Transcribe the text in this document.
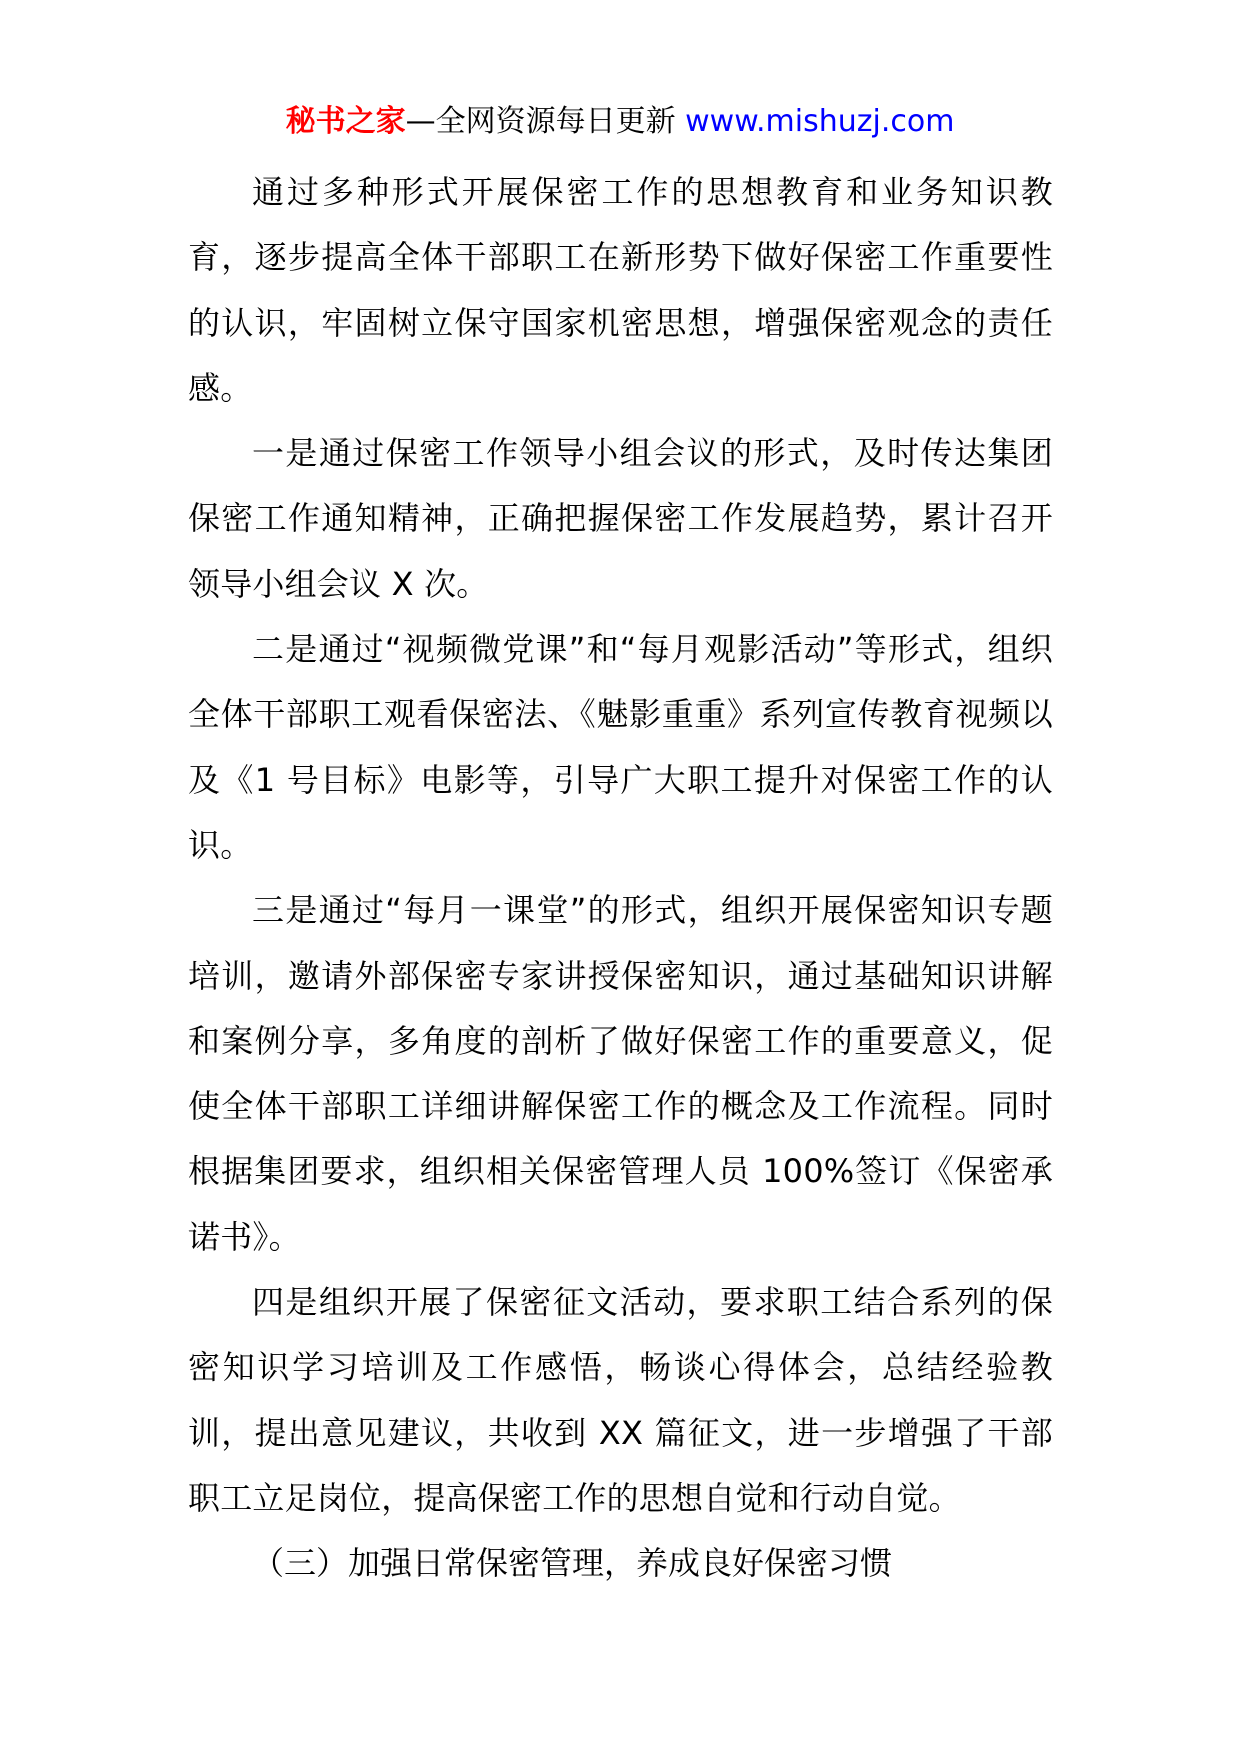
秘书之家—全网资源每日更新 www.mishuzj.com

通过多种形式开展保密工作的思想教育和业务知识教育，逐步提高全体干部职工在新形势下做好保密工作重要性的认识，牢固树立保守国家机密思想，增强保密观念的责任感。

一是通过保密工作领导小组会议的形式，及时传达集团保密工作通知精神，正确把握保密工作发展趋势，累计召开领导小组会议 X 次。

二是通过“视频微党课”和“每月观影活动”等形式，组织全体干部职工观看保密法、《魅影重重》系列宣传教育视频以及《1 号目标》电影等，引导广大职工提升对保密工作的认识。

三是通过“每月一课堂”的形式，组织开展保密知识专题培训，邀请外部保密专家讲授保密知识，通过基础知识讲解和案例分享，多角度的剖析了做好保密工作的重要意义，促使全体干部职工详细讲解保密工作的概念及工作流程。同时根据集团要求，组织相关保密管理人员 100%签订《保密承诺书》。

四是组织开展了保密征文活动，要求职工结合系列的保密知识学习培训及工作感悟，畅谈心得体会，总结经验教训，提出意见建议，共收到 XX 篇征文，进一步增强了干部职工立足岗位，提高保密工作的思想自觉和行动自觉。

（三）加强日常保密管理，养成良好保密习惯
